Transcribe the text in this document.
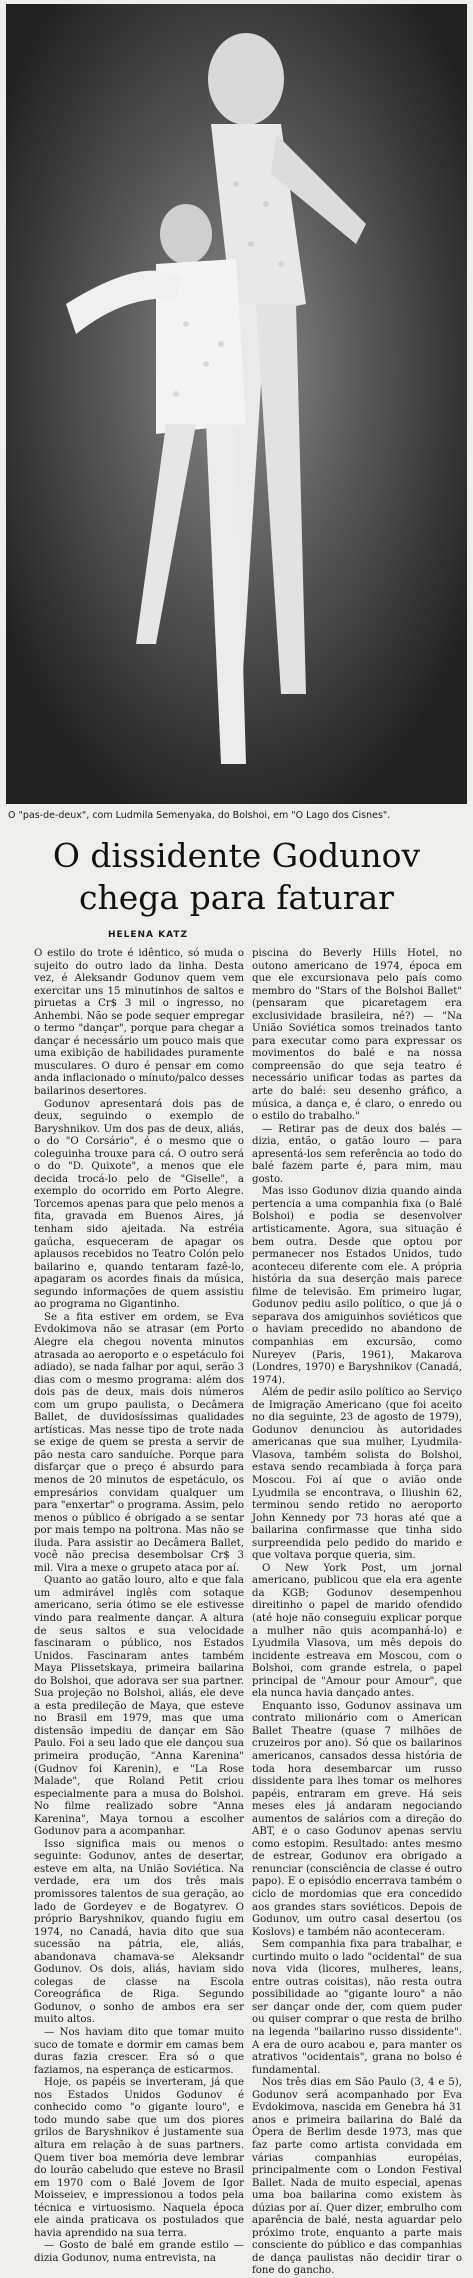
O "pas-de-deux", com Ludmila Semenyaka, do Bolshoi, em "O Lago dos Cisnes".
O dissidente Godunov
chega para faturar
HELENA KATZ

O estilo do trote é idêntico, só muda o sujeito do outro lado da linha. Desta vez, é Aleksandr Godunov quem vem exercitar uns 15 minutinhos de saltos e piruetas a Cr$ 3 mil o ingresso, no Anhembi. Não se pode sequer empregar o termo "dançar", porque para chegar a dançar é necessário um pouco mais que uma exibição de habilidades puramente musculares. O duro é pensar em como anda inflacionado o mínuto/palco desses bailarinos desertores.

Godunov apresentará dois pas de deux, seguindo o exemplo de Baryshnikov. Um dos pas de deux, aliás, o do "O Corsário", é o mesmo que o coleguinha trouxe para cá. O outro será o do "D. Quixote", a menos que ele decida trocá-lo pelo de "Giselle", a exemplo do ocorrido em Porto Alegre. Torcemos apenas para que pelo menos a fita, gravada em Buenos Aires, já tenham sido ajeitada. Na estréia gaúcha, esqueceram de apagar os aplausos recebidos no Teatro Colón pelo bailarino e, quando tentaram fazê-lo, apagaram os acordes finais da música, segundo informações de quem assistiu ao programa no Gigantinho.

Se a fita estiver em ordem, se Eva Evdokimova não se atrasar (em Porto Alegre ela chegou noventa minutos atrasada ao aeroporto e o espetáculo foi adiado), se nada falhar por aqui, serão 3 dias com o mesmo programa: além dos dois pas de deux, mais dois números com um grupo paulista, o Decâmera Ballet, de duvidosíssimas qualidades artísticas. Mas nesse tipo de trote nada se exige de quem se presta a servir de pão nesta caro sanduíche. Porque para disfarçar que o preço é absurdo para menos de 20 minutos de espetáculo, os empresários convidam qualquer um para "enxertar" o programa. Assim, pelo menos o público é obrigado a se sentar por mais tempo na poltrona. Mas não se iluda. Para assistir ao Decâmera Ballet, você não precisa desembolsar Cr$ 3 mil. Vira a mexe o grupeto ataca por aí.

Quanto ao gatão louro, alto e que fala um admirável inglês com sotaque americano, seria ótimo se ele estivesse vindo para realmente dançar. A altura de seus saltos e sua velocidade fascinaram o público, nos Estados Unidos. Fascinaram antes também Maya Plissetskaya, primeira bailarina do Bolshoi, que adorava ser sua partner. Sua projeção no Bolshoi, aliás, ele deve a esta predileção de Maya, que esteve no Brasil em 1979, mas que uma distensão impediu de dançar em São Paulo. Foi a seu lado que ele dançou sua primeira produção, "Anna Karenina" (Gudnov foi Karenin), e "La Rose Malade", que Roland Petit criou especialmente para a musa do Bolshoi. No filme realizado sobre "Anna Karenina", Maya tornou a escolher Godunov para a acompanhar.

Isso significa mais ou menos o seguinte: Godunov, antes de desertar, esteve em alta, na União Soviética. Na verdade, era um dos três mais promissores talentos de sua geração, ao lado de Gordeyev e de Bogatyrev. O próprio Baryshnikov, quando fugiu em 1974, no Canadá, havia dito que sua sucessão na pátria, ele, aliás, abandonava chamava-se Aleksandr Godunov. Os dois, aliás, haviam sido colegas de classe na Escola Coreográfica de Riga. Segundo Godunov, o sonho de ambos era ser muito altos.

— Nos haviam dito que tomar muito suco de tomate e dormir em camas bem duras fazia crescer. Era só o que faziamos, na esperança de esticarmos.

Hoje, os papéis se inverteram, já que nos Estados Unidos Godunov é conhecido como "o gigante louro", e todo mundo sabe que um dos piores grilos de Baryshnikov é justamente sua altura em relação à de suas partners. Quem tiver boa memória deve lembrar do lourão cabeludo que esteve no Brasil em 1970 com o Balé Jovem de Igor Moisseiev, e impressionou a todos pela técnica e virtuosismo. Naquela época ele ainda praticava os postulados que havia aprendido na sua terra.

— Gosto de balé em grande estilo — dizia Godunov, numa entrevista, na

piscina do Beverly Hills Hotel, no outono americano de 1974, época em que ele excursionava pelo país como membro do "Stars of the Bolshoi Ballet" (pensaram que picaretagem era exclusividade brasileira, né?) — "Na União Soviética somos treinados tanto para executar como para expressar os movimentos do balé e na nossa compreensão do que seja teatro é necessário unificar todas as partes da arte do balé: seu desenho gráfico, a música, a dança e, é claro, o enredo ou o estilo do trabalho."

— Retirar pas de deux dos balés — dizia, então, o gatão louro — para apresentá-los sem referência ao todo do balé fazem parte é, para mim, mau gosto.

Mas isso Godunov dizia quando ainda pertencia a uma companhia fixa (o Balé Bolshoi) e podia se desenvolver artisticamente. Agora, sua situação é bem outra. Desde que optou por permanecer nos Estados Unidos, tudo aconteceu diferente com ele. A própria história da sua deserção mais parece filme de televisão. Em primeiro lugar, Godunov pediu asilo político, o que já o separava dos amiguinhos soviéticos que o haviam precedido no abandono de companhias em excursão, como Nureyev (Paris, 1961), Makarova (Londres, 1970) e Baryshnikov (Canadá, 1974).

Além de pedir asilo político ao Serviço de Imigração Americano (que foi aceito no dia seguinte, 23 de agosto de 1979), Godunov denunciou às autoridades americanas que sua mulher, Lyudmila-Vlasova, também solista do Bolshoi, estava sendo recambiada à força para Moscou. Foi aí que o avião onde Lyudmila se encontrava, o Iliushin 62, terminou sendo retido no aeroporto John Kennedy por 73 horas até que a bailarina confirmasse que tinha sido surpreendida pelo pedido do marido e que voltava porque queria, sim.

O New York Post, um jornal americano, publicou que ela era agente da KGB; Godunov desempenhou direitinho o papel de marido ofendido (até hoje não conseguiu explicar porque a mulher não quis acompanhá-lo) e Lyudmila Vlasova, um mês depois do incidente estreava em Moscou, com o Bolshoi, com grande estrela, o papel principal de "Amour pour Amour", que ela nunca havia dançado antes.

Enquanto isso, Godunov assinava um contrato milionário com o American Ballet Theatre (quase 7 milhões de cruzeiros por ano). Só que os bailarinos americanos, cansados dessa história de toda hora desembarcar um russo dissidente para lhes tomar os melhores papéis, entraram em greve. Há seis meses eles já andaram negociando aumentos de salários com a direção do ABT, e o caso Godunov apenas serviu como estopim. Resultado: antes mesmo de estrear, Godunov era obrigado a renunciar (consciência de classe é outro papo). E o episódio encerrava também o ciclo de mordomias que era concedido aos grandes stars soviéticos. Depois de Godunov, um outro casal desertou (os Koslovs) e também não aconteceram.

Sem companhia fixa para trabalhar, e curtindo muito o lado "ocidental" de sua nova vida (licores, mulheres, leans, entre outras coisitas), não resta outra possibilidade ao "gigante louro" a não ser dançar onde der, com quem puder ou quiser comprar o que resta de brilho na legenda "bailarino russo dissidente". A era de ouro acabou e, para manter os atrativos "ocidentais", grana no bolso é fundamental.

Nos três dias em São Paulo (3, 4 e 5), Godunov será acompanhado por Eva Evdokimova, nascida em Genebra há 31 anos e primeira bailarina do Balé da Ópera de Berlim desde 1973, mas que faz parte como artista convidada em várias companhias européias, principalmente com o London Festival Ballet. Nada de muito especial, apenas uma boa bailarina como existem às dúzias por aí. Quer dizer, embrulho com aparência de balé, nesta aguardar pelo próximo trote, enquanto a parte mais consciente do público e das companhias de dança paulistas não decidir tirar o fone do gancho.
